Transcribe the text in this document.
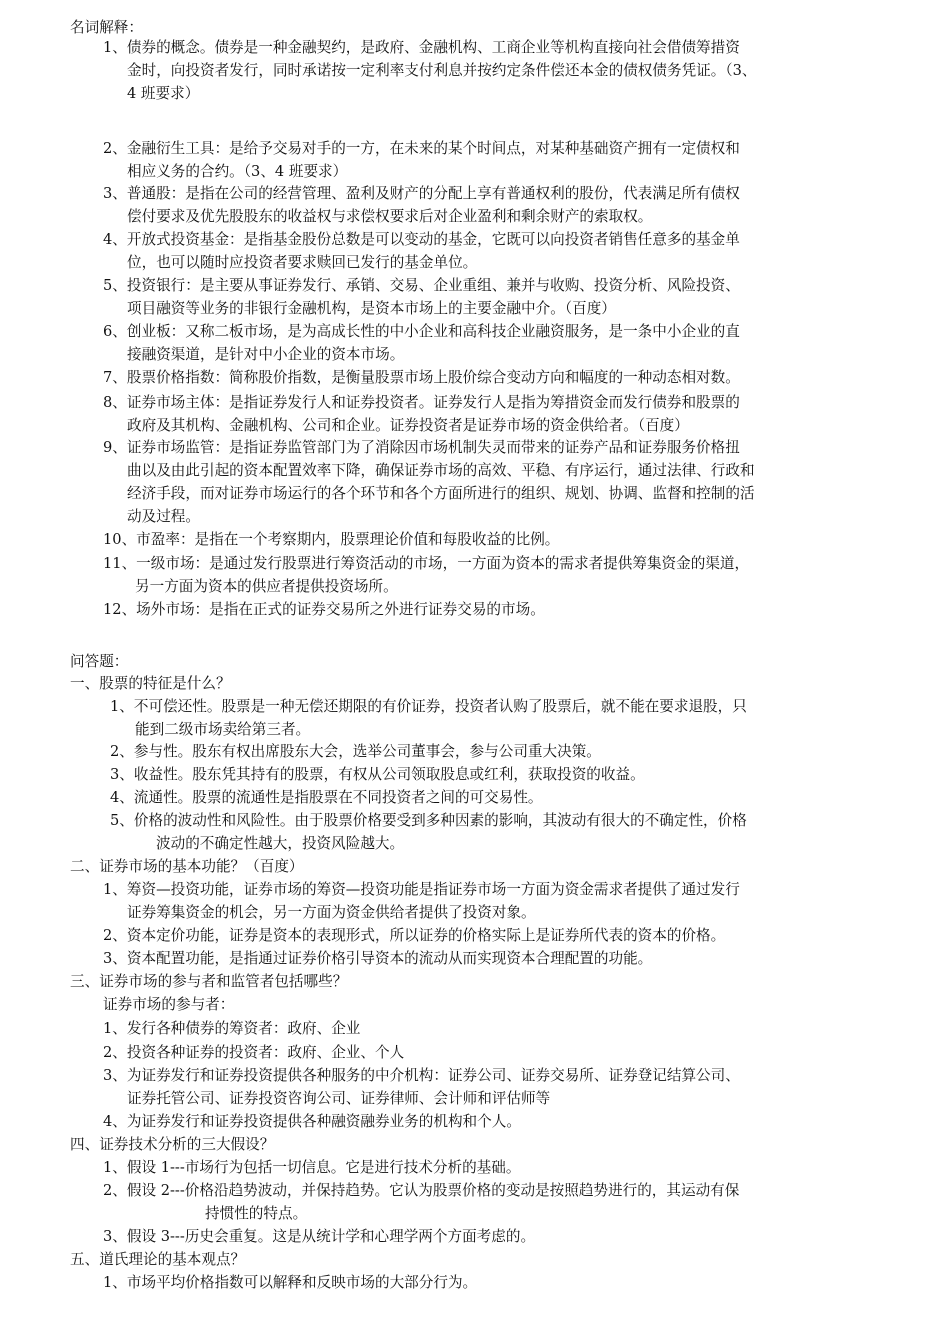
名词解释：
1、债券的概念。债券是一种金融契约，是政府、金融机构、工商企业等机构直接向社会借债筹措资
金时，向投资者发行，同时承诺按一定利率支付利息并按约定条件偿还本金的债权债务凭证。（3、
4 班要求）
2、金融衍生工具：是给予交易对手的一方，在未来的某个时间点，对某种基础资产拥有一定债权和
相应义务的合约。（3、4 班要求）
3、普通股：是指在公司的经营管理、盈利及财产的分配上享有普通权利的股份，代表满足所有债权
偿付要求及优先股股东的收益权与求偿权要求后对企业盈利和剩余财产的索取权。
4、开放式投资基金：是指基金股份总数是可以变动的基金，它既可以向投资者销售任意多的基金单
位，也可以随时应投资者要求赎回已发行的基金单位。
5、投资银行：是主要从事证券发行、承销、交易、企业重组、兼并与收购、投资分析、风险投资、
项目融资等业务的非银行金融机构，是资本市场上的主要金融中介。（百度）
6、创业板：又称二板市场，是为高成长性的中小企业和高科技企业融资服务，是一条中小企业的直
接融资渠道，是针对中小企业的资本市场。
7、股票价格指数：简称股价指数，是衡量股票市场上股价综合变动方向和幅度的一种动态相对数。
8、证券市场主体：是指证券发行人和证券投资者。证券发行人是指为筹措资金而发行债券和股票的
政府及其机构、金融机构、公司和企业。证券投资者是证券市场的资金供给者。（百度）
9、证券市场监管：是指证券监管部门为了消除因市场机制失灵而带来的证券产品和证券服务价格扭
曲以及由此引起的资本配置效率下降，确保证券市场的高效、平稳、有序运行，通过法律、行政和
经济手段，而对证券市场运行的各个环节和各个方面所进行的组织、规划、协调、监督和控制的活
动及过程。
10、市盈率：是指在一个考察期内，股票理论价值和每股收益的比例。
11、一级市场：是通过发行股票进行筹资活动的市场，一方面为资本的需求者提供筹集资金的渠道，
另一方面为资本的供应者提供投资场所。
12、场外市场：是指在正式的证券交易所之外进行证券交易的市场。
问答题：
一、股票的特征是什么？
1、不可偿还性。股票是一种无偿还期限的有价证券，投资者认购了股票后，就不能在要求退股，只
能到二级市场卖给第三者。
2、参与性。股东有权出席股东大会，选举公司董事会，参与公司重大决策。
3、收益性。股东凭其持有的股票，有权从公司领取股息或红利，获取投资的收益。
4、流通性。股票的流通性是指股票在不同投资者之间的可交易性。
5、价格的波动性和风险性。由于股票价格要受到多种因素的影响，其波动有很大的不确定性，价格
波动的不确定性越大，投资风险越大。
二、证券市场的基本功能？（百度）
1、筹资—投资功能，证券市场的筹资—投资功能是指证券市场一方面为资金需求者提供了通过发行
证券筹集资金的机会，另一方面为资金供给者提供了投资对象。
2、资本定价功能，证券是资本的表现形式，所以证券的价格实际上是证券所代表的资本的价格。
3、资本配置功能，是指通过证券价格引导资本的流动从而实现资本合理配置的功能。
三、证券市场的参与者和监管者包括哪些？
证券市场的参与者：
1、发行各种债券的筹资者：政府、企业
2、投资各种证券的投资者：政府、企业、个人
3、为证券发行和证券投资提供各种服务的中介机构：证券公司、证券交易所、证券登记结算公司、
证券托管公司、证券投资咨询公司、证券律师、会计师和评估师等
4、为证券发行和证券投资提供各种融资融券业务的机构和个人。
四、证券技术分析的三大假设？
1、假设 1---市场行为包括一切信息。它是进行技术分析的基础。
2、假设 2---价格沿趋势波动，并保持趋势。它认为股票价格的变动是按照趋势进行的，其运动有保
持惯性的特点。
3、假设 3---历史会重复。这是从统计学和心理学两个方面考虑的。
五、道氏理论的基本观点？
1、市场平均价格指数可以解释和反映市场的大部分行为。
